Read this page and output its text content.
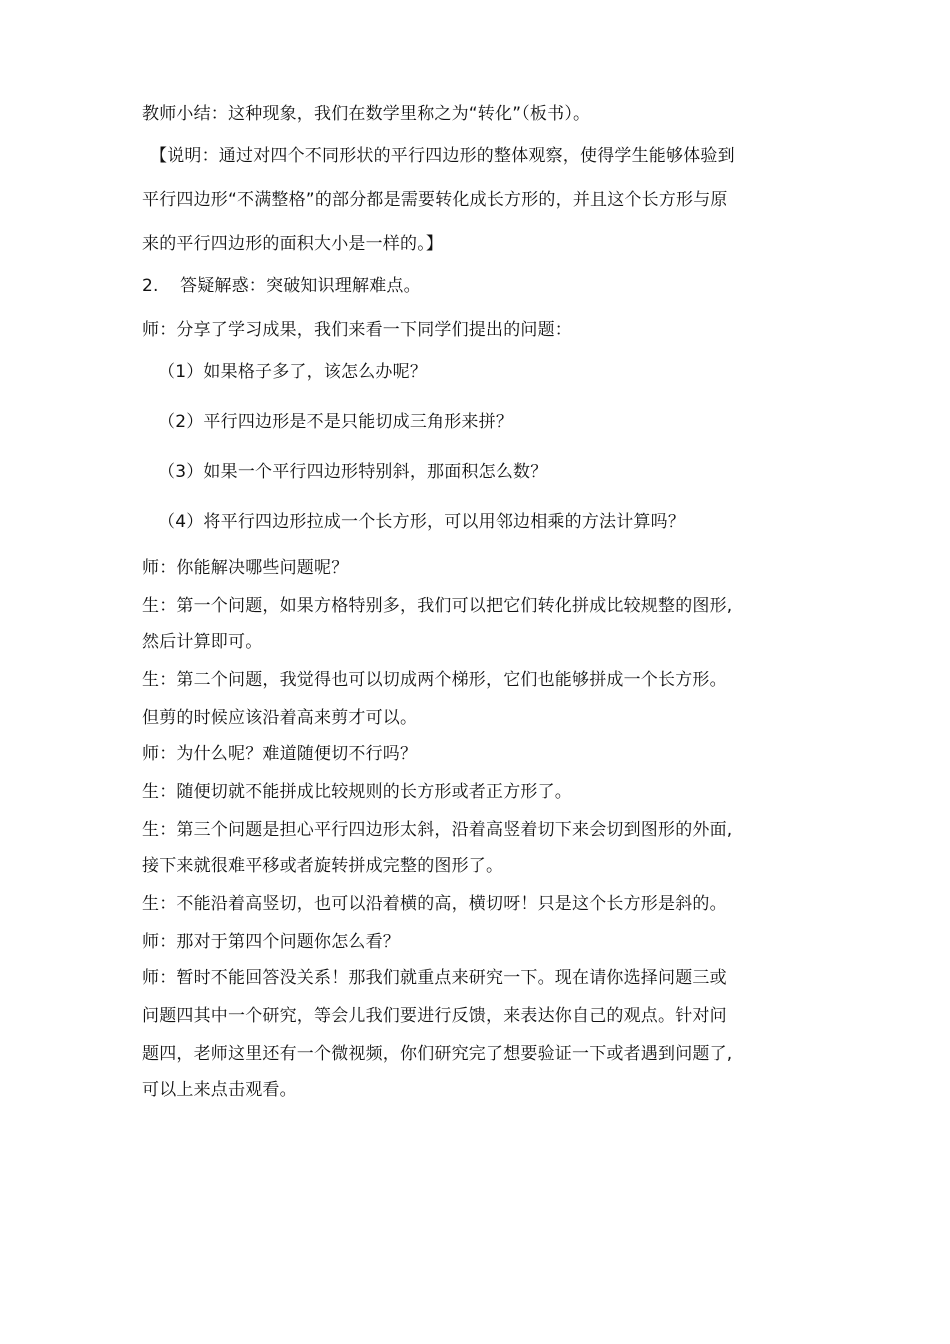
教师小结：这种现象，我们在数学里称之为“转化”（板书）。
【说明：通过对四个不同形状的平行四边形的整体观察，使得学生能够体验到
平行四边形“不满整格”的部分都是需要转化成长方形的，并且这个长方形与原
来的平行四边形的面积大小是一样的。】
2. 答疑解惑：突破知识理解难点。
师：分享了学习成果，我们来看一下同学们提出的问题：
（1）如果格子多了，该怎么办呢？
（2）平行四边形是不是只能切成三角形来拼？
（3）如果一个平行四边形特别斜，那面积怎么数？
（4）将平行四边形拉成一个长方形，可以用邻边相乘的方法计算吗？
师：你能解决哪些问题呢？
生：第一个问题，如果方格特别多，我们可以把它们转化拼成比较规整的图形,
然后计算即可。
生：第二个问题，我觉得也可以切成两个梯形，它们也能够拼成一个长方形。
但剪的时候应该沿着高来剪才可以。
师：为什么呢？难道随便切不行吗？
生：随便切就不能拼成比较规则的长方形或者正方形了。
生：第三个问题是担心平行四边形太斜，沿着高竖着切下来会切到图形的外面,
接下来就很难平移或者旋转拼成完整的图形了。
生：不能沿着高竖切，也可以沿着横的高，横切呀！只是这个长方形是斜的。
师：那对于第四个问题你怎么看？
师：暂时不能回答没关系！那我们就重点来研究一下。现在请你选择问题三或
问题四其中一个研究，等会儿我们要进行反馈，来表达你自己的观点。针对问
题四，老师这里还有一个微视频，你们研究完了想要验证一下或者遇到问题了,
可以上来点击观看。
